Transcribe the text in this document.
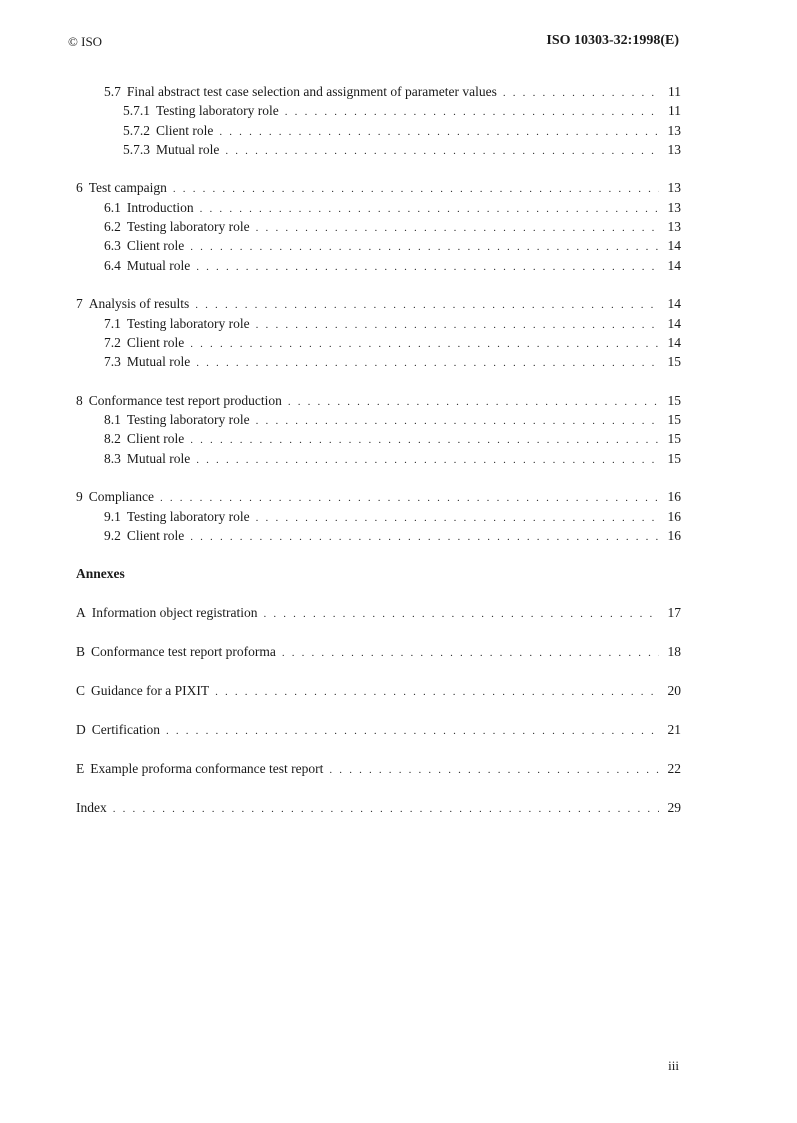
© ISO	ISO 10303-32:1998(E)
5.7 Final abstract test case selection and assignment of parameter values . . .	11
5.7.1 Testing laboratory role . . .	11
5.7.2 Client role . . .	13
5.7.3 Mutual role . . .	13
6 Test campaign . . .	13
6.1 Introduction . . .	13
6.2 Testing laboratory role . . .	13
6.3 Client role . . .	14
6.4 Mutual role . . .	14
7 Analysis of results . . .	14
7.1 Testing laboratory role . . .	14
7.2 Client role . . .	14
7.3 Mutual role . . .	15
8 Conformance test report production . . .	15
8.1 Testing laboratory role . . .	15
8.2 Client role . . .	15
8.3 Mutual role . . .	15
9 Compliance . . .	16
9.1 Testing laboratory role . . .	16
9.2 Client role . . .	16
Annexes
A Information object registration . . .	17
B Conformance test report proforma . . .	18
C Guidance for a PIXIT . . .	20
D Certification . . .	21
E Example proforma conformance test report . . .	22
Index . . .	29
iii
